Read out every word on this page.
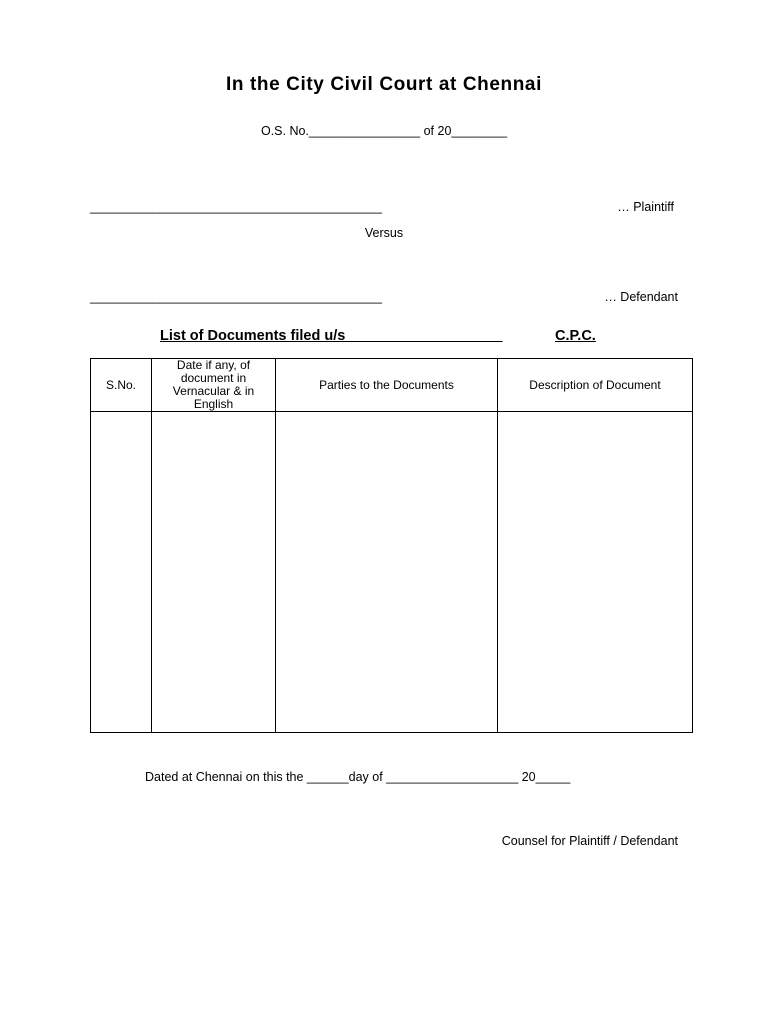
In the City Civil Court at Chennai
O.S. No.________________ of 20________
__________________________________________	… Plaintiff
Versus
__________________________________________	… Defendant
List of Documents filed u/s ___________________	C.P.C.
S.No.	Date if any, of document in Vernacular & in English	Parties to the Documents	Description of Document

Dated at Chennai on this the ______day of ___________________ 20_____
Counsel for Plaintiff / Defendant
